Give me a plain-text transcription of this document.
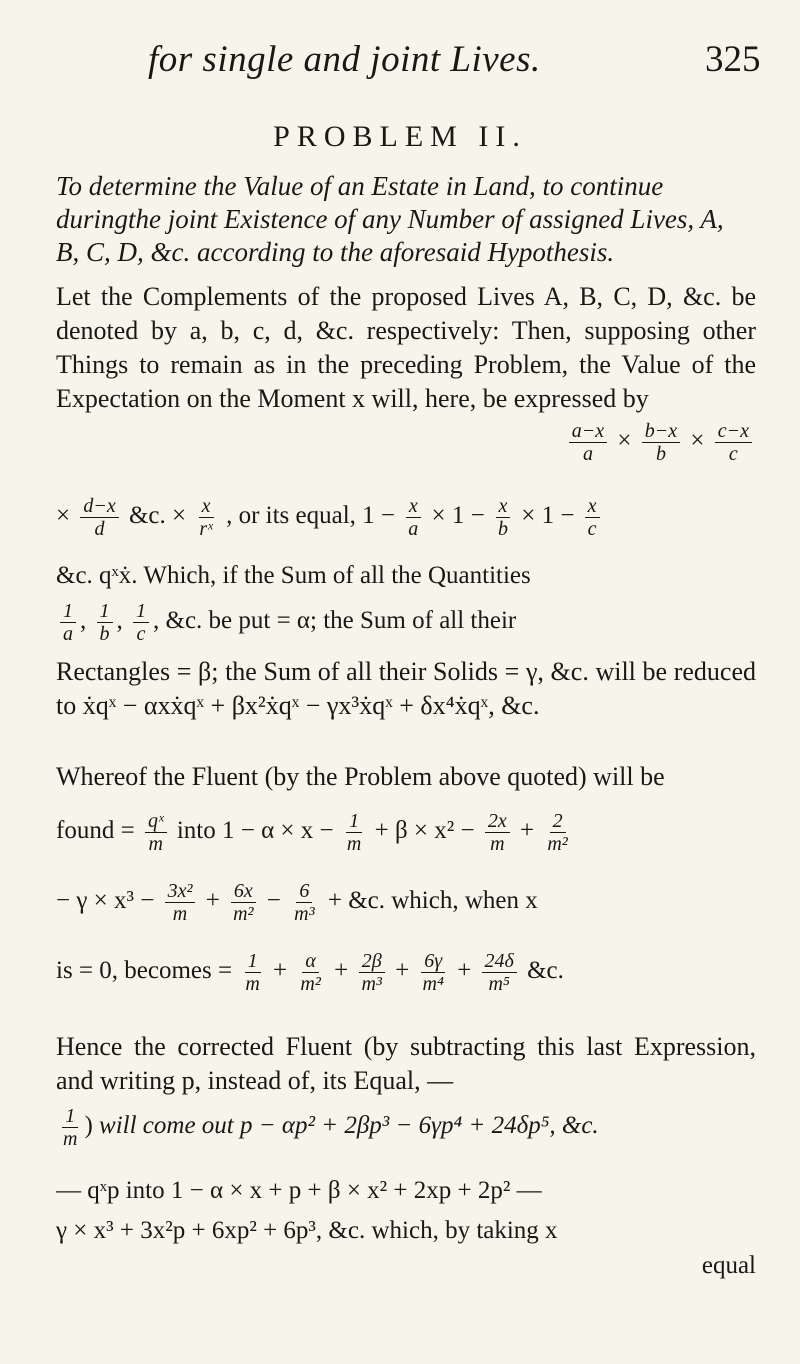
for single and joint Lives.	325
PROBLEM II.
To determine the Value of an Estate in Land, to continue duringthe joint Existence of any Number of assigned Lives, A, B, C, D, &c. according to the aforesaid Hypothesis.
Let the Complements of the proposed Lives A, B, C, D, &c. be denoted by a, b, c, d, &c. respectively: Then, supposing other Things to remain as in the preceding Problem, the Value of the Expectation on the Moment x will, here, be expressed by
$\frac{a-x}{a} \times \frac{b-x}{b} \times \frac{c-x}{c}$
× $\frac{d-x}{d}$ &c. × $\frac{x}{\text{rˣ}}$ , or its equal, $1 - \frac{x}{a} \times 1 - \frac{x}{b} \times 1 - \frac{x}{c}$
&c. qˣẋ. Which, if the Sum of all the Quantities
$\frac{1}{a}$ , $\frac{1}{b}$ , $\frac{1}{c}$ , &c. be put = α; the Sum of all their
Rectangles = β; the Sum of all their Solids = γ, &c. will be reduced to ẋqˣ − αxẋqˣ + βx²ẋqˣ − γx³ẋqˣ + δx⁴ẋqˣ, &c.
Whereof the Fluent (by the Problem above quoted) will be
found = $\frac{\text{qˣ}}{m}$ into $1 - \alpha \times x - \frac{1}{m} + \beta \times x^2 - \frac{2x}{m} + \frac{2}{\text{m²}}$
− $\gamma \times x^3 - \frac{\text{3x²}}{m} + \frac{6x}{\text{m²}} - \frac{6}{\text{m³}}$ + &c. which, when x
is = 0, becomes = $\frac{1}{m} + \frac{\alpha}{\text{m²}} + \frac{2\beta}{\text{m³}} + \frac{6\gamma}{\text{m⁴}} + \frac{24\delta}{\text{m⁵}}$ &c.
Hence the corrected Fluent (by subtracting this last Expression, and writing p, instead of, its Equal, —
$\frac{1}{m}$ ) will come out p − αp² + 2βp³ − 6γp⁴ + 24δp⁵, &c.
— qˣp into 1 − α × x + p + β × x² + 2xp + 2p² —
γ × x³ + 3x²p + 6xp² + 6p³, &c. which, by taking x
equal
